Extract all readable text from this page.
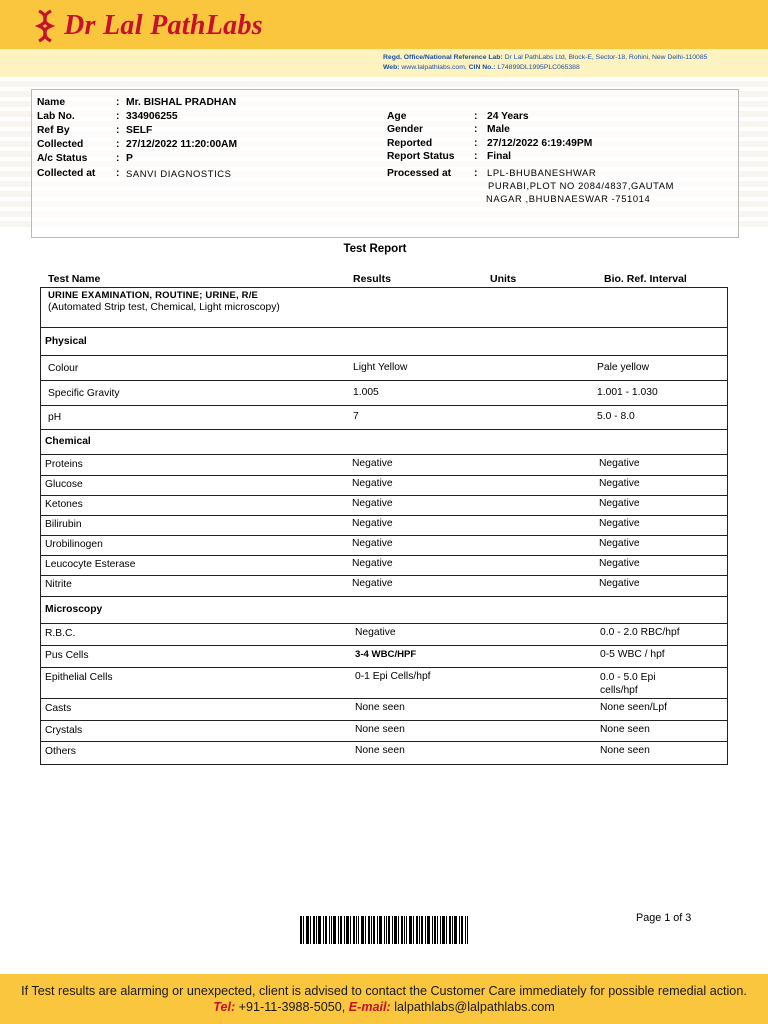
Dr Lal PathLabs
Regd. Office/National Reference Lab: Dr Lal PathLabs Ltd, Block-E, Sector-18, Rohini, New Delhi-110085
Web: www.lalpathlabs.com, CIN No.: L74899DL1995PLC065388
Name	: Mr. BISHAL PRADHAN
Lab No.	: 334906255
Ref By	: SELF
Collected	: 27/12/2022 11:20:00AM
A/c Status	: P
Collected at : SANVI DIAGNOSTICS
Age	: 24 Years
Gender	: Male
Reported	: 27/12/2022 6:19:49PM
Report Status : Final
Processed at : LPL-BHUBANESHWAR
PURABI,PLOT NO 2084/4837,GAUTAM
NAGAR ,BHUBNAESWAR -751014
Test Report
Test Name	Results	Units	Bio. Ref. Interval
URINE EXAMINATION, ROUTINE; URINE, R/E
(Automated Strip test, Chemical, Light microscopy)
Physical
Colour	Light Yellow	Pale yellow
Specific Gravity	1.005	1.001 - 1.030
pH	7	5.0 - 8.0
Chemical
Proteins	Negative	Negative
Glucose	Negative	Negative
Ketones	Negative	Negative
Bilirubin	Negative	Negative
Urobilinogen	Negative	Negative
Leucocyte Esterase	Negative	Negative
Nitrite	Negative	Negative
Microscopy
R.B.C.	Negative	0.0 - 2.0 RBC/hpf
Pus Cells	3-4 WBC/HPF	0-5 WBC / hpf
Epithelial Cells	0-1 Epi Cells/hpf	0.0 - 5.0 Epi
cells/hpf
Casts	None seen	None seen/Lpf
Crystals	None seen	None seen
Others	None seen	None seen
Page 1 of 3
If Test results are alarming or unexpected, client is advised to contact the Customer Care immediately for possible remedial action.
Tel: +91-11-3988-5050, E-mail: lalpathlabs@lalpathlabs.com
